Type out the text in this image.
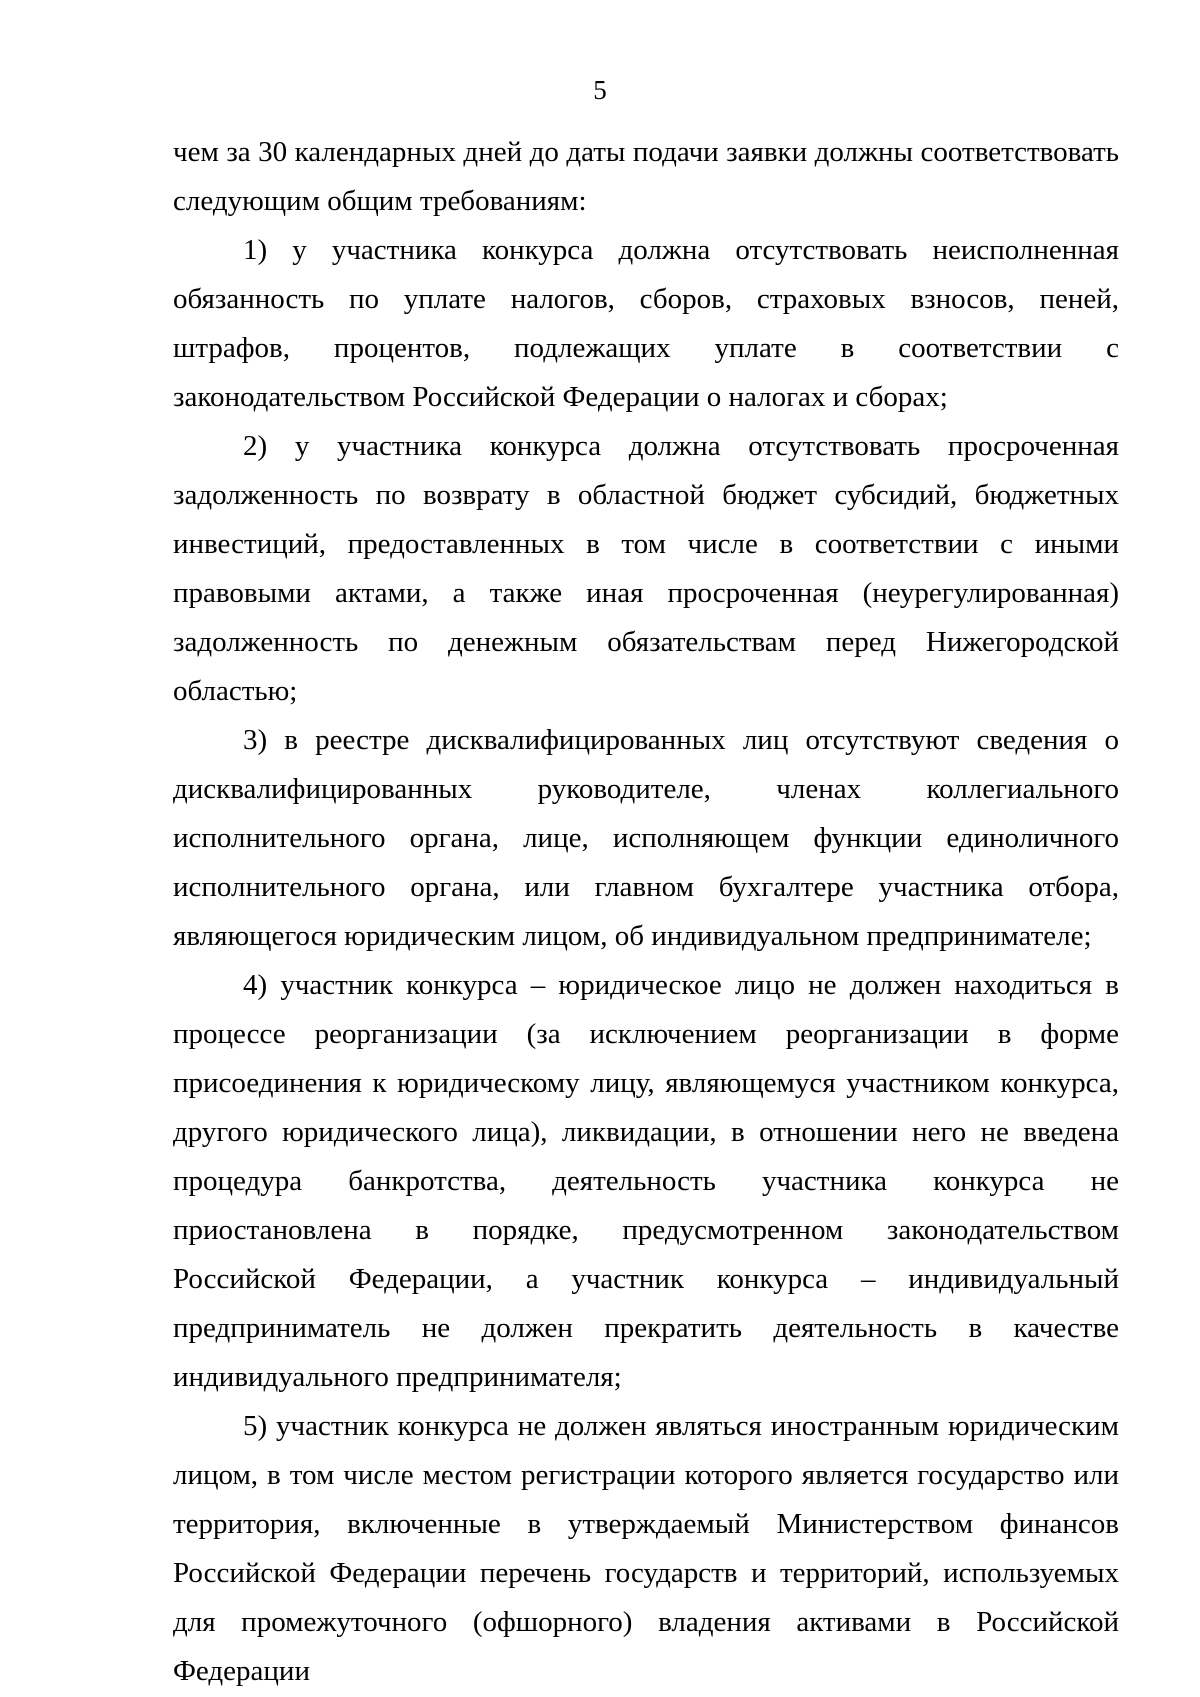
5

чем за 30 календарных дней до даты подачи заявки должны соответствовать следующим общим требованиям:

1) у участника конкурса должна отсутствовать неисполненная обязанность по уплате налогов, сборов, страховых взносов, пеней, штрафов, процентов, подлежащих уплате в соответствии с законодательством Российской Федерации о налогах и сборах;

2) у участника конкурса должна отсутствовать просроченная задолженность по возврату в областной бюджет субсидий, бюджетных инвестиций, предоставленных в том числе в соответствии с иными правовыми актами, а также иная просроченная (неурегулированная) задолженность по денежным обязательствам перед Нижегородской областью;

3) в реестре дисквалифицированных лиц отсутствуют сведения о дисквалифицированных руководителе, членах коллегиального исполнительного органа, лице, исполняющем функции единоличного исполнительного органа, или главном бухгалтере участника отбора, являющегося юридическим лицом, об индивидуальном предпринимателе;

4) участник конкурса – юридическое лицо не должен находиться в процессе реорганизации (за исключением реорганизации в форме присоединения к юридическому лицу, являющемуся участником конкурса, другого юридического лица), ликвидации, в отношении него не введена процедура банкротства, деятельность участника конкурса не приостановлена в порядке, предусмотренном законодательством Российской Федерации, а участник конкурса – индивидуальный предприниматель не должен прекратить деятельность в качестве индивидуального предпринимателя;

5) участник конкурса не должен являться иностранным юридическим лицом, в том числе местом регистрации которого является государство или территория, включенные в утверждаемый Министерством финансов Российской Федерации перечень государств и территорий, используемых для промежуточного (офшорного) владения активами в Российской Федерации
